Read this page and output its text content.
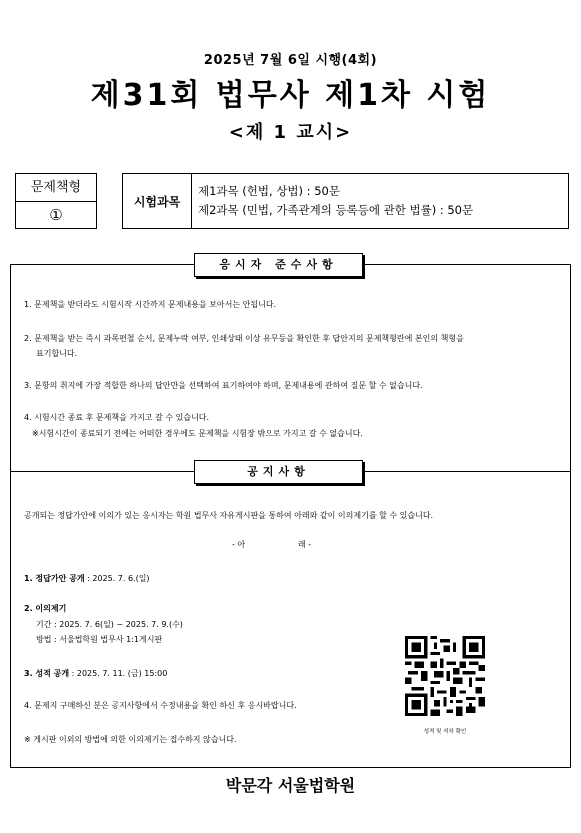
2025년 7월 6일 시행(4회)
제31회 법무사 제1차 시험
<제 1 교시>
문제책형
①
시험과목
제1과목 (헌법, 상법) : 50문
제2과목 (민법, 가족관계의 등록등에 관한 법률) : 50문
응시자 준수사항
1. 문제책을 받더라도 시험시작 시간까지 문제내용을 보아서는 안됩니다.
2. 문제책을 받는 즉시 과목편철 순서, 문제누락 여부, 인쇄상태 이상 유무등을 확인한 후 답안지의 문제책형란에 본인의 책형을
표기합니다.
3. 문항의 취지에 가장 적합한 하나의 답안만을 선택하여 표기하여야 하며, 문제내용에 관하여 질문 할 수 없습니다.
4. 시험시간 종료 후 문제책을 가지고 갈 수 있습니다.
※시험시간이 종료되기 전에는 어떠한 경우에도 문제책을 시험장 밖으로 가지고 갈 수 없습니다.
공지사항
공개되는 정답가안에 이의가 있는 응시자는 학원 법무사 자유게시판을 통하여 아래와 같이 이의제기를 할 수 있습니다.
- 아	래 -
1. 정답가안 공개 : 2025. 7. 6.(일)
2. 이의제기
기간 : 2025. 7. 6(일) ~ 2025. 7. 9.(수)
방법 : 서울법학원 법무사 1:1게시판
3. 성적 공개 : 2025. 7. 11. (금) 15:00
4. 문제지 구매하신 분은 공지사항에서 수정내용을 확인 하신 후 응시바랍니다.
※ 게시판 이외의 방법에 의한 이의제기는 접수하지 않습니다.
성적 및 석차 확인
박문각 서울법학원
